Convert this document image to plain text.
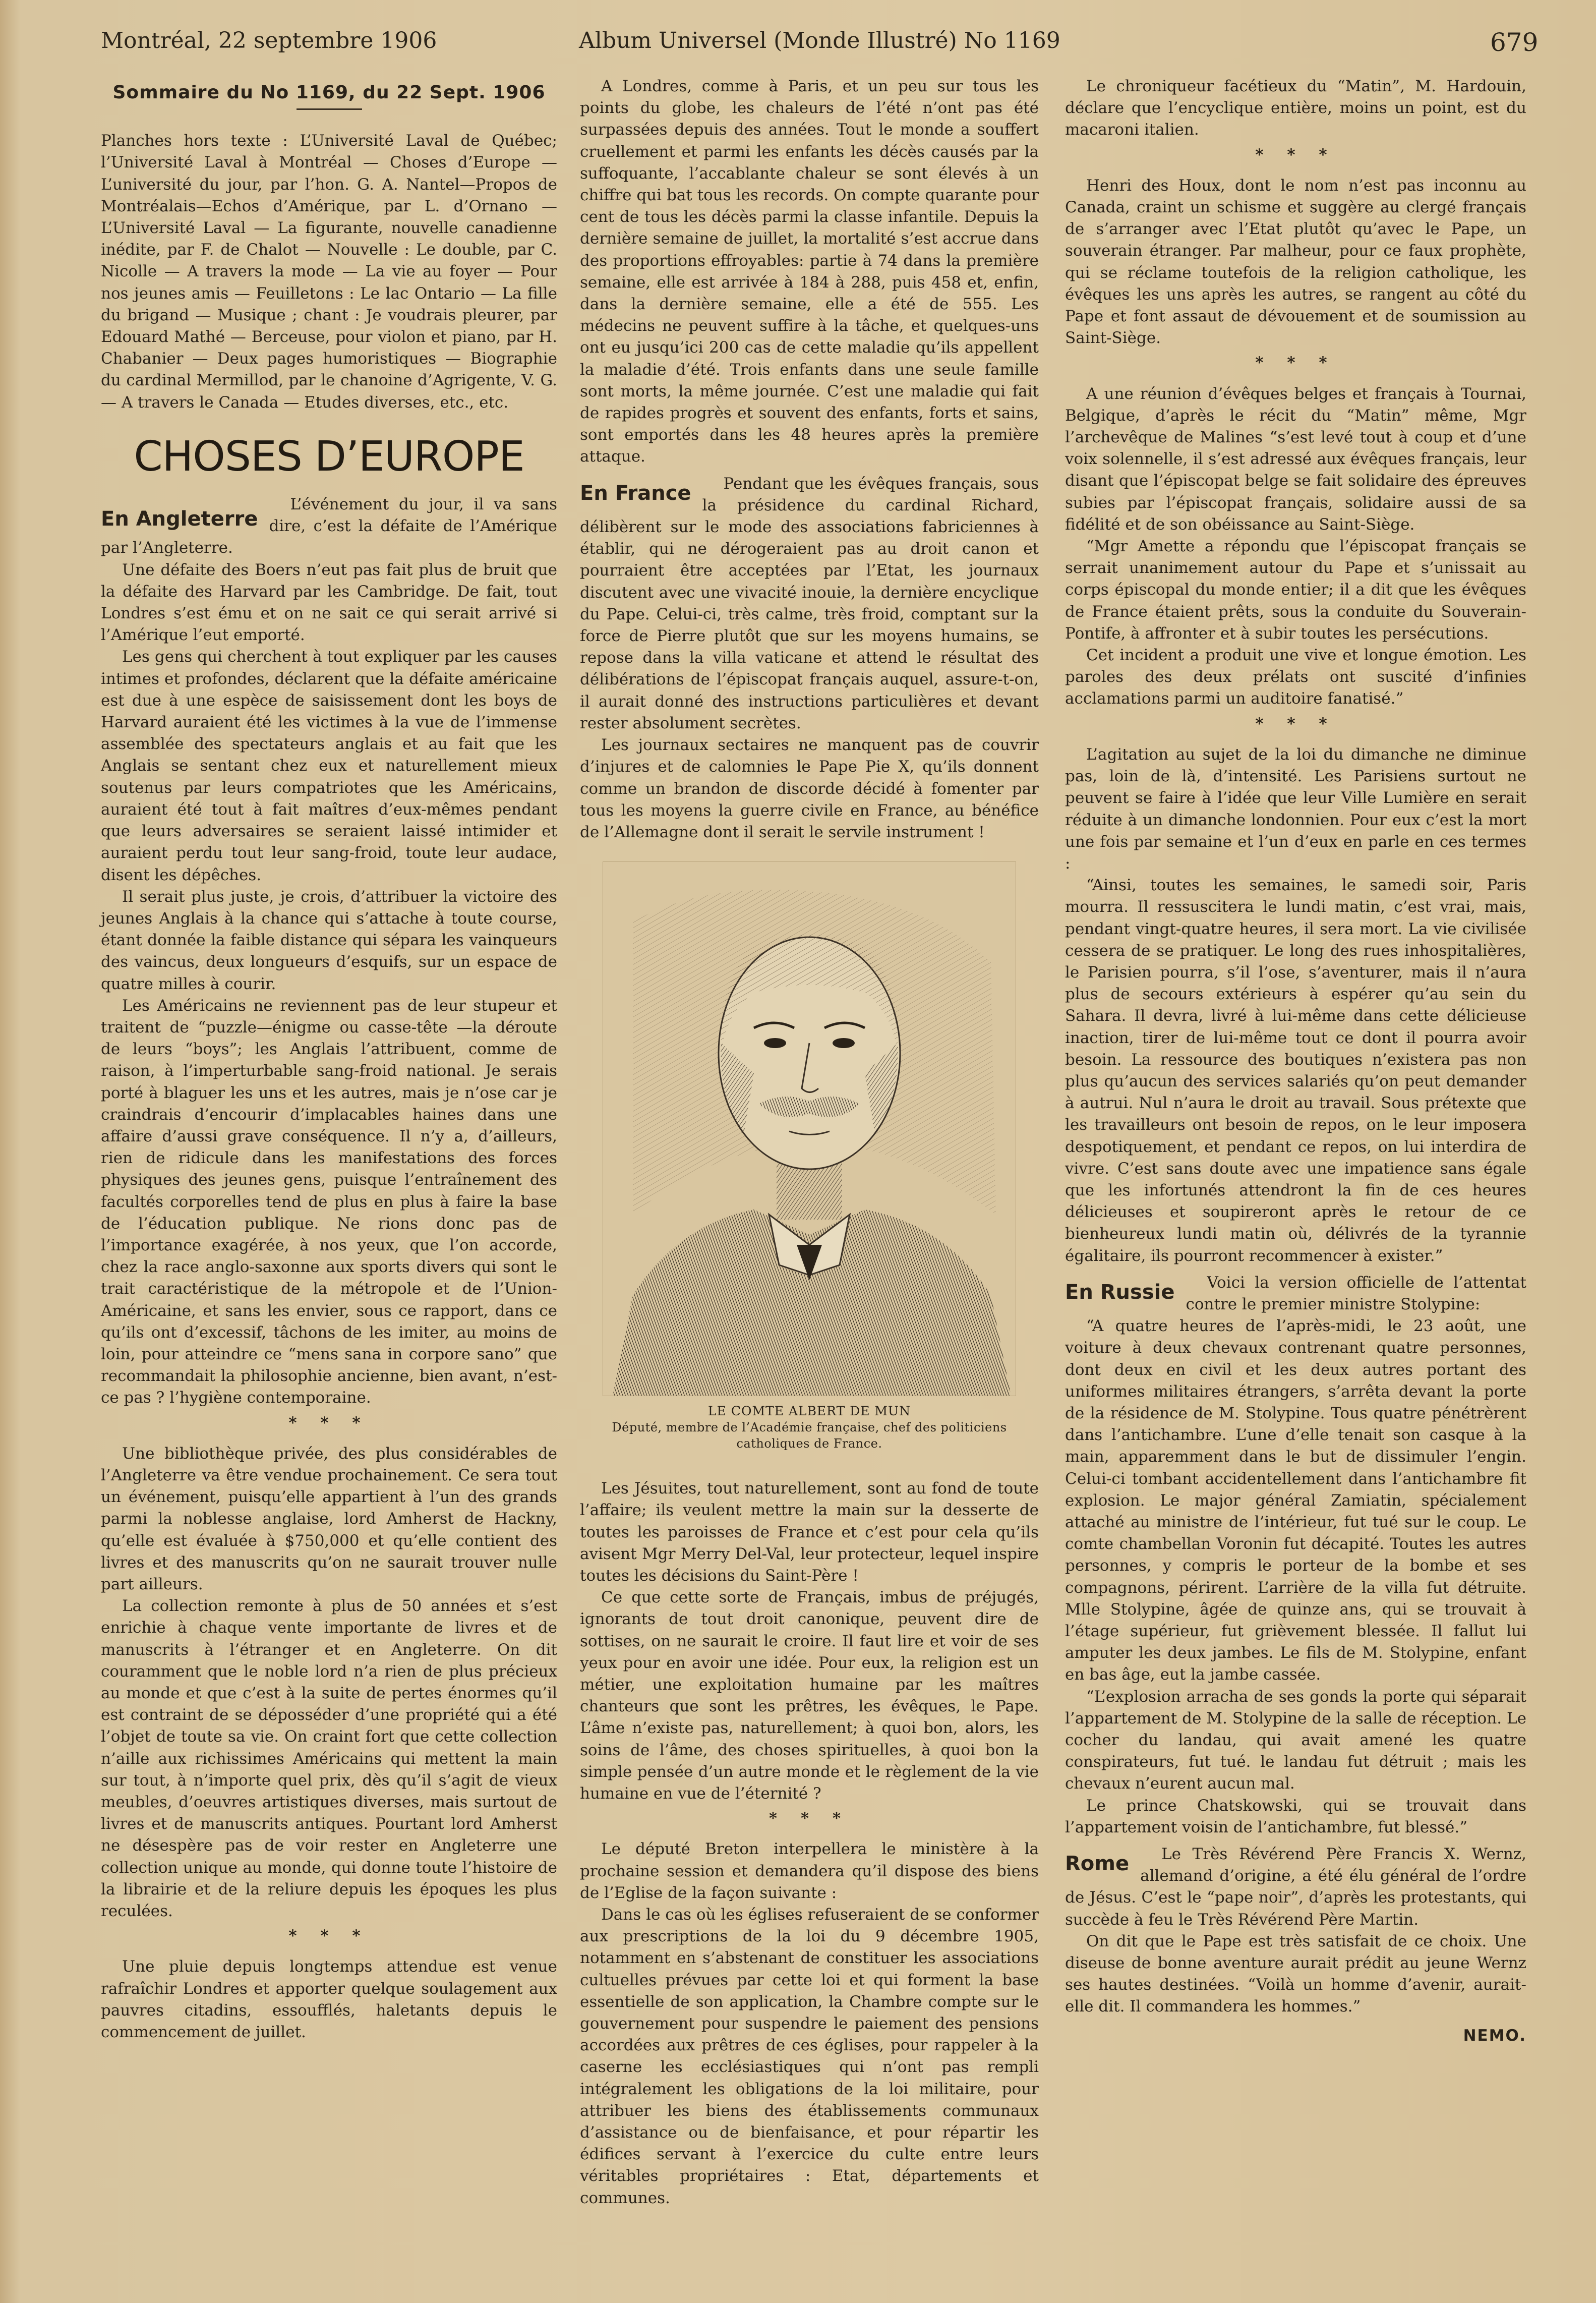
Montréal, 22 septembre 1906	Album Universel (Monde Illustré) No 1169	679
Sommaire du No 1169, du 22 Sept. 1906

Planches hors texte : L’Université Laval de Québec; l’Université Laval à Montréal — Choses d’Europe — L’université du jour, par l’hon. G. A. Nantel—Propos de Montréalais—Echos d’Amérique, par L. d’Ornano — L’Université Laval — La figurante, nouvelle canadienne inédite, par F. de Chalot — Nouvelle : Le double, par C. Nicolle — A travers la mode — La vie au foyer — Pour nos jeunes amis — Feuilletons : Le lac Ontario — La fille du brigand — Musique ; chant : Je voudrais pleurer, par Edouard Mathé — Berceuse, pour violon et piano, par H. Chabanier — Deux pages humoristiques — Biographie du cardinal Mermillod, par le chanoine d’Agrigente, V. G. — A travers le Canada — Etudes diverses, etc., etc.

CHOSES D’EUROPE
En Angleterre

L’événement du jour, il va sans dire, c’est la défaite de l’Amérique par l’Angleterre.

Une défaite des Boers n’eut pas fait plus de bruit que la défaite des Harvard par les Cambridge. De fait, tout Londres s’est ému et on ne sait ce qui serait arrivé si l’Amérique l’eut emporté.

Les gens qui cherchent à tout expliquer par les causes intimes et profondes, déclarent que la défaite américaine est due à une espèce de saisissement dont les boys de Harvard auraient été les victimes à la vue de l’immense assemblée des spectateurs anglais et au fait que les Anglais se sentant chez eux et naturellement mieux soutenus par leurs compatriotes que les Américains, auraient été tout à fait maîtres d’eux-mêmes pendant que leurs adversaires se seraient laissé intimider et auraient perdu tout leur sang-froid, toute leur audace, disent les dépêches.

Il serait plus juste, je crois, d’attribuer la victoire des jeunes Anglais à la chance qui s’attache à toute course, étant donnée la faible distance qui sépara les vainqueurs des vaincus, deux longueurs d’esquifs, sur un espace de quatre milles à courir.

Les Américains ne reviennent pas de leur stupeur et traitent de “puzzle—énigme ou casse-tête —la déroute de leurs “boys”; les Anglais l’attribuent, comme de raison, à l’imperturbable sang-froid national. Je serais porté à blaguer les uns et les autres, mais je n’ose car je craindrais d’encourir d’implacables haines dans une affaire d’aussi grave conséquence. Il n’y a, d’ailleurs, rien de ridicule dans les manifestations des forces physiques des jeunes gens, puisque l’entraînement des facultés corporelles tend de plus en plus à faire la base de l’éducation publique. Ne rions donc pas de l’importance exagérée, à nos yeux, que l’on accorde, chez la race anglo-saxonne aux sports divers qui sont le trait caractéristique de la métropole et de l’Union-Américaine, et sans les envier, sous ce rapport, dans ce qu’ils ont d’excessif, tâchons de les imiter, au moins de loin, pour atteindre ce “mens sana in corpore sano” que recommandait la philosophie ancienne, bien avant, n’est-ce pas ? l’hygiène contemporaine.

* * *

Une bibliothèque privée, des plus considérables de l’Angleterre va être vendue prochainement. Ce sera tout un événement, puisqu’elle appartient à l’un des grands parmi la noblesse anglaise, lord Amherst de Hackny, qu’elle est évaluée à $750,000 et qu’elle contient des livres et des manuscrits qu’on ne saurait trouver nulle part ailleurs.

La collection remonte à plus de 50 années et s’est enrichie à chaque vente importante de livres et de manuscrits à l’étranger et en Angleterre. On dit couramment que le noble lord n’a rien de plus précieux au monde et que c’est à la suite de pertes énormes qu’il est contraint de se déposséder d’une propriété qui a été l’objet de toute sa vie. On craint fort que cette collection n’aille aux richissimes Américains qui mettent la main sur tout, à n’importe quel prix, dès qu’il s’agit de vieux meubles, d’oeuvres artistiques diverses, mais surtout de livres et de manuscrits antiques. Pourtant lord Amherst ne désespère pas de voir rester en Angleterre une collection unique au monde, qui donne toute l’histoire de la librairie et de la reliure depuis les époques les plus reculées.

* * *

Une pluie depuis longtemps attendue est venue rafraîchir Londres et apporter quelque soulagement aux pauvres citadins, essoufflés, haletants depuis le commencement de juillet.

A Londres, comme à Paris, et un peu sur tous les points du globe, les chaleurs de l’été n’ont pas été surpassées depuis des années. Tout le monde a souffert cruellement et parmi les enfants les décès causés par la suffoquante, l’accablante chaleur se sont élevés à un chiffre qui bat tous les records. On compte quarante pour cent de tous les décès parmi la classe infantile. Depuis la dernière semaine de juillet, la mortalité s’est accrue dans des proportions effroyables: partie à 74 dans la première semaine, elle est arrivée à 184 à 288, puis 458 et, enfin, dans la dernière semaine, elle a été de 555. Les médecins ne peuvent suffire à la tâche, et quelques-uns ont eu jusqu’ici 200 cas de cette maladie qu’ils appellent la maladie d’été. Trois enfants dans une seule famille sont morts, la même journée. C’est une maladie qui fait de rapides progrès et souvent des enfants, forts et sains, sont emportés dans les 48 heures après la première attaque.

En France	Pendant que les évêques français, sous la présidence du cardinal Richard, délibèrent sur le mode des associations fabriciennes à établir, qui ne dérogeraient pas au droit canon et pourraient être acceptées par l’Etat, les journaux discutent avec une vivacité inouie, la dernière encyclique du Pape. Celui-ci, très calme, très froid, comptant sur la force de Pierre plutôt que sur les moyens humains, se repose dans la villa vaticane et attend le résultat des délibérations de l’épiscopat français auquel, assure-t-on, il aurait donné des instructions particulières et devant rester absolument secrètes.

Les journaux sectaires ne manquent pas de couvrir d’injures et de calomnies le Pape Pie X, qu’ils donnent comme un brandon de discorde décidé à fomenter par tous les moyens la guerre civile en France, au bénéfice de l’Allemagne dont il serait le servile instrument !

LE COMTE ALBERT DE MUN
Député, membre de l’Académie française, chef des politiciens catholiques de France.

Les Jésuites, tout naturellement, sont au fond de toute l’affaire; ils veulent mettre la main sur la desserte de toutes les paroisses de France et c’est pour cela qu’ils avisent Mgr Merry Del-Val, leur protecteur, lequel inspire toutes les décisions du Saint-Père !

Ce que cette sorte de Français, imbus de préjugés, ignorants de tout droit canonique, peuvent dire de sottises, on ne saurait le croire. Il faut lire et voir de ses yeux pour en avoir une idée. Pour eux, la religion est un métier, une exploitation humaine par les maîtres chanteurs que sont les prêtres, les évêques, le Pape. L’âme n’existe pas, naturellement; à quoi bon, alors, les soins de l’âme, des choses spirituelles, à quoi bon la simple pensée d’un autre monde et le règlement de la vie humaine en vue de l’éternité ?

* * *

Le député Breton interpellera le ministère à la prochaine session et demandera qu’il dispose des biens de l’Eglise de la façon suivante :

Dans le cas où les églises refuseraient de se conformer aux prescriptions de la loi du 9 décembre 1905, notamment en s’abstenant de constituer les associations cultuelles prévues par cette loi et qui forment la base essentielle de son application, la Chambre compte sur le gouvernement pour suspendre le paiement des pensions accordées aux prêtres de ces églises, pour rappeler à la caserne les ecclésiastiques qui n’ont pas rempli intégralement les obligations de la loi militaire, pour attribuer les biens des établissements communaux d’assistance ou de bienfaisance, et pour répartir les édifices servant à l’exercice du culte entre leurs véritables propriétaires : Etat, départements et communes.

Le chroniqueur facétieux du “Matin”, M. Hardouin, déclare que l’encyclique entière, moins un point, est du macaroni italien.

* * *

Henri des Houx, dont le nom n’est pas inconnu au Canada, craint un schisme et suggère au clergé français de s’arranger avec l’Etat plutôt qu’avec le Pape, un souverain étranger. Par malheur, pour ce faux prophète, qui se réclame toutefois de la religion catholique, les évêques les uns après les autres, se rangent au côté du Pape et font assaut de dévouement et de soumission au Saint-Siège.

* * *

A une réunion d’évêques belges et français à Tournai, Belgique, d’après le récit du “Matin” même, Mgr l’archevêque de Malines “s’est levé tout à coup et d’une voix solennelle, il s’est adressé aux évêques français, leur disant que l’épiscopat belge se fait solidaire des épreuves subies par l’épiscopat français, solidaire aussi de sa fidélité et de son obéissance au Saint-Siège.

“Mgr Amette a répondu que l’épiscopat français se serrait unanimement autour du Pape et s’unissait au corps épiscopal du monde entier; il a dit que les évêques de France étaient prêts, sous la conduite du Souverain-Pontife, à affronter et à subir toutes les persécutions.

Cet incident a produit une vive et longue émotion. Les paroles des deux prélats ont suscité d’infinies acclamations parmi un auditoire fanatisé.”

* * *

L’agitation au sujet de la loi du dimanche ne diminue pas, loin de là, d’intensité. Les Parisiens surtout ne peuvent se faire à l’idée que leur Ville Lumière en serait réduite à un dimanche londonnien. Pour eux c’est la mort une fois par semaine et l’un d’eux en parle en ces termes :

“Ainsi, toutes les semaines, le samedi soir, Paris mourra. Il ressuscitera le lundi matin, c’est vrai, mais, pendant vingt-quatre heures, il sera mort. La vie civilisée cessera de se pratiquer. Le long des rues inhospitalières, le Parisien pourra, s’il l’ose, s’aventurer, mais il n’aura plus de secours extérieurs à espérer qu’au sein du Sahara. Il devra, livré à lui-même dans cette délicieuse inaction, tirer de lui-même tout ce dont il pourra avoir besoin. La ressource des boutiques n’existera pas non plus qu’aucun des services salariés qu’on peut demander à autrui. Nul n’aura le droit au travail. Sous prétexte que les travailleurs ont besoin de repos, on le leur imposera despotiquement, et pendant ce repos, on lui interdira de vivre. C’est sans doute avec une impatience sans égale que les infortunés attendront la fin de ces heures délicieuses et soupireront après le retour de ce bienheureux lundi matin où, délivrés de la tyrannie égalitaire, ils pourront recommencer à exister.”

En Russie	Voici la version officielle de l’attentat contre le premier ministre Stolypine:

“A quatre heures de l’après-midi, le 23 août, une voiture à deux chevaux contrenant quatre personnes, dont deux en civil et les deux autres portant des uniformes militaires étrangers, s’arrêta devant la porte de la résidence de M. Stolypine. Tous quatre pénétrèrent dans l’antichambre. L’une d’elle tenait son casque à la main, apparemment dans le but de dissimuler l’engin. Celui-ci tombant accidentellement dans l’antichambre fit explosion. Le major général Zamiatin, spécialement attaché au ministre de l’intérieur, fut tué sur le coup. Le comte chambellan Voronin fut décapité. Toutes les autres personnes, y compris le porteur de la bombe et ses compagnons, périrent. L’arrière de la villa fut détruite. Mlle Stolypine, âgée de quinze ans, qui se trouvait à l’étage supérieur, fut grièvement blessée. Il fallut lui amputer les deux jambes. Le fils de M. Stolypine, enfant en bas âge, eut la jambe cassée.

“L’explosion arracha de ses gonds la porte qui séparait l’appartement de M. Stolypine de la salle de réception. Le cocher du landau, qui avait amené les quatre conspirateurs, fut tué. le landau fut détruit ; mais les chevaux n’eurent aucun mal.

Le prince Chatskowski, qui se trouvait dans l’appartement voisin de l’antichambre, fut blessé.”

Rome	Le Très Révérend Père Francis X. Wernz, allemand d’origine, a été élu général de l’ordre de Jésus. C’est le “pape noir”, d’après les protestants, qui succède à feu le Très Révérend Père Martin.

On dit que le Pape est très satisfait de ce choix. Une diseuse de bonne aventure aurait prédit au jeune Wernz ses hautes destinées. “Voilà un homme d’avenir, aurait-elle dit. Il commandera les hommes.”

NEMO.
